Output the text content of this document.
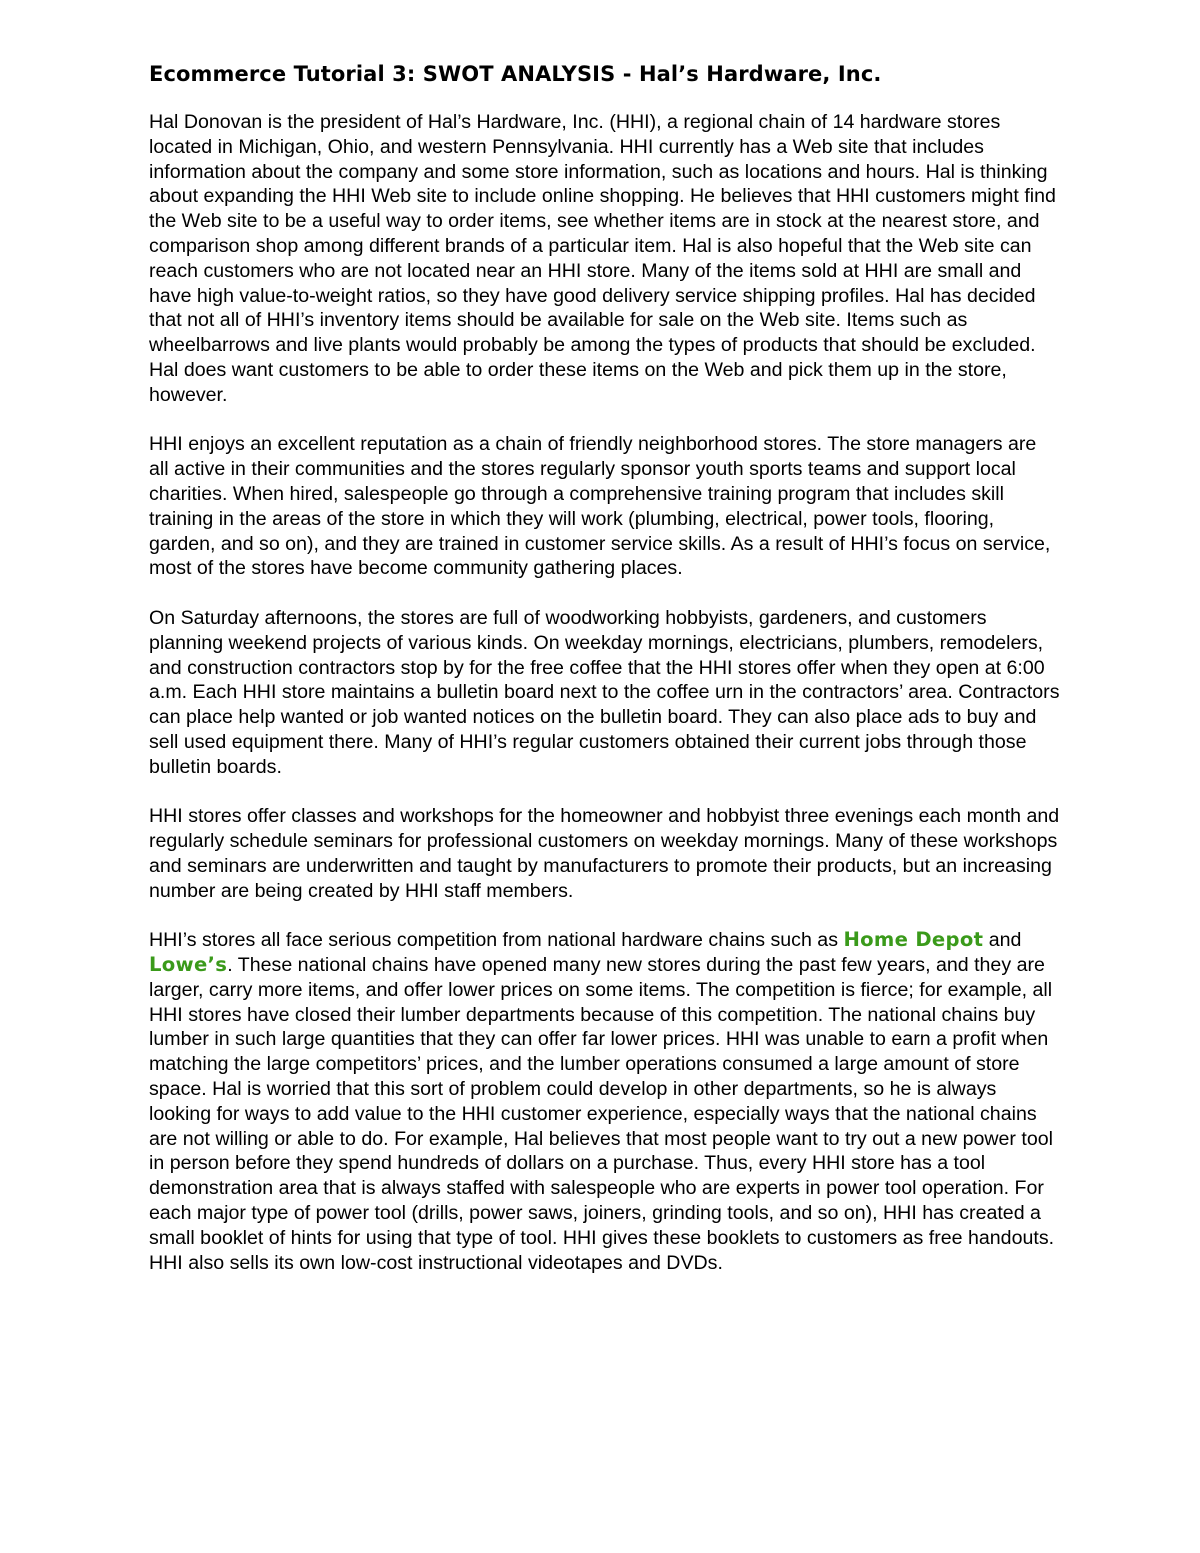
Ecommerce Tutorial 3: SWOT ANALYSIS - Hal’s Hardware, Inc.

Hal Donovan is the president of Hal’s Hardware, Inc. (HHI), a regional chain of 14 hardware stores located in Michigan, Ohio, and western Pennsylvania. HHI currently has a Web site that includes information about the company and some store information, such as locations and hours. Hal is thinking about expanding the HHI Web site to include online shopping. He believes that HHI customers might find the Web site to be a useful way to order items, see whether items are in stock at the nearest store, and comparison shop among different brands of a particular item. Hal is also hopeful that the Web site can reach customers who are not located near an HHI store. Many of the items sold at HHI are small and have high value-to-weight ratios, so they have good delivery service shipping profiles. Hal has decided that not all of HHI’s inventory items should be available for sale on the Web site. Items such as wheelbarrows and live plants would probably be among the types of products that should be excluded. Hal does want customers to be able to order these items on the Web and pick them up in the store, however.

HHI enjoys an excellent reputation as a chain of friendly neighborhood stores. The store managers are all active in their communities and the stores regularly sponsor youth sports teams and support local charities. When hired, salespeople go through a comprehensive training program that includes skill training in the areas of the store in which they will work (plumbing, electrical, power tools, flooring, garden, and so on), and they are trained in customer service skills. As a result of HHI’s focus on service, most of the stores have become community gathering places.

On Saturday afternoons, the stores are full of woodworking hobbyists, gardeners, and customers planning weekend projects of various kinds. On weekday mornings, electricians, plumbers, remodelers, and construction contractors stop by for the free coffee that the HHI stores offer when they open at 6:00 a.m. Each HHI store maintains a bulletin board next to the coffee urn in the contractors’ area. Contractors can place help wanted or job wanted notices on the bulletin board. They can also place ads to buy and sell used equipment there. Many of HHI’s regular customers obtained their current jobs through those bulletin boards.

HHI stores offer classes and workshops for the homeowner and hobbyist three evenings each month and regularly schedule seminars for professional customers on weekday mornings. Many of these workshops and seminars are underwritten and taught by manufacturers to promote their products, but an increasing number are being created by HHI staff members.

HHI’s stores all face serious competition from national hardware chains such as Home Depot and Lowe’s. These national chains have opened many new stores during the past few years, and they are larger, carry more items, and offer lower prices on some items. The competition is fierce; for example, all HHI stores have closed their lumber departments because of this competition. The national chains buy lumber in such large quantities that they can offer far lower prices. HHI was unable to earn a profit when matching the large competitors’ prices, and the lumber operations consumed a large amount of store space. Hal is worried that this sort of problem could develop in other departments, so he is always looking for ways to add value to the HHI customer experience, especially ways that the national chains are not willing or able to do. For example, Hal believes that most people want to try out a new power tool in person before they spend hundreds of dollars on a purchase. Thus, every HHI store has a tool demonstration area that is always staffed with salespeople who are experts in power tool operation. For each major type of power tool (drills, power saws, joiners, grinding tools, and so on), HHI has created a small booklet of hints for using that type of tool. HHI gives these booklets to customers as free handouts. HHI also sells its own low-cost instructional videotapes and DVDs.
